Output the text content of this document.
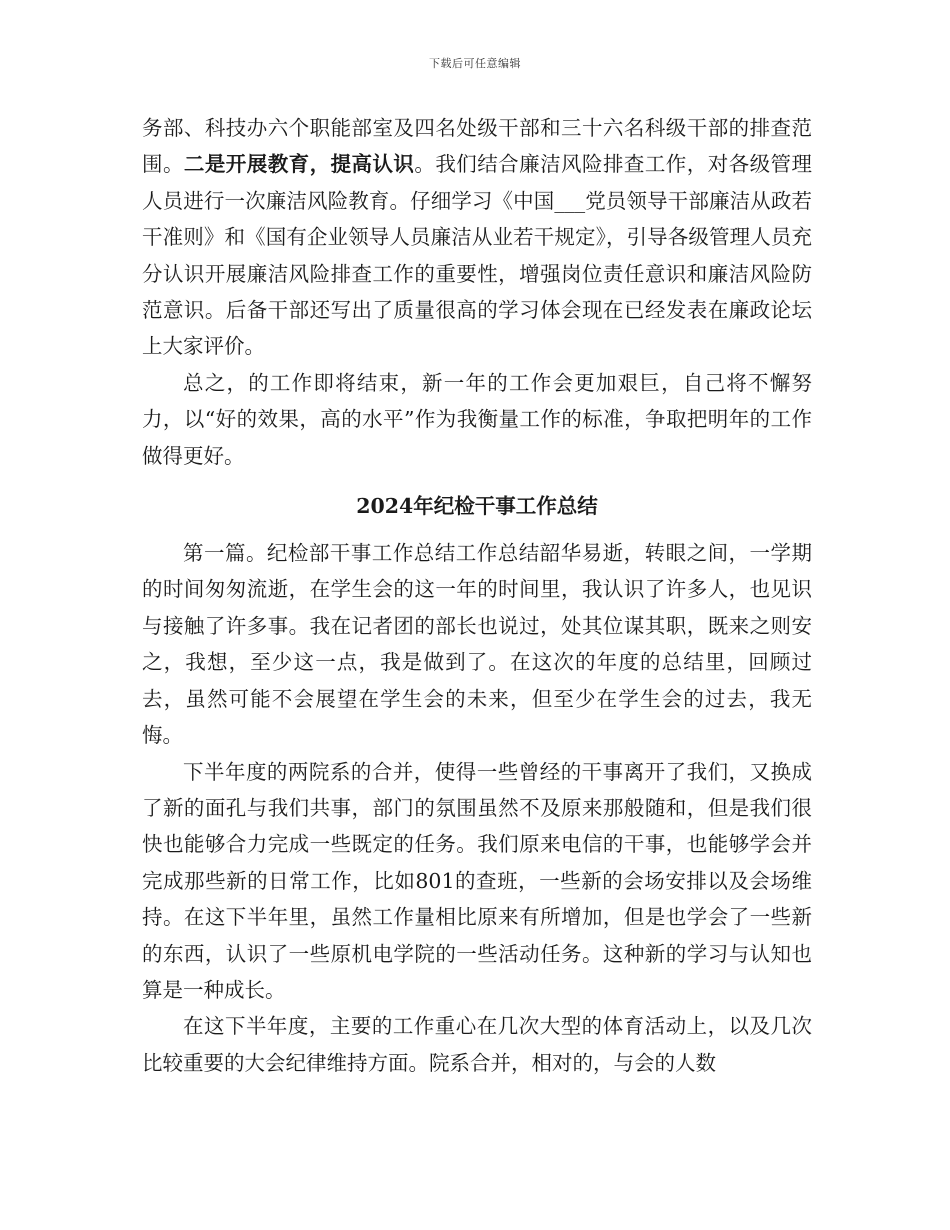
下载后可任意编辑

务部、科技办六个职能部室及四名处级干部和三十六名科级干部的排查范围。二是开展教育，提高认识。我们结合廉洁风险排查工作，对各级管理人员进行一次廉洁风险教育。仔细学习《中国___党员领导干部廉洁从政若干准则》和《国有企业领导人员廉洁从业若干规定》，引导各级管理人员充分认识开展廉洁风险排查工作的重要性，增强岗位责任意识和廉洁风险防范意识。后备干部还写出了质量很高的学习体会现在已经发表在廉政论坛上大家评价。

总之，的工作即将结束，新一年的工作会更加艰巨，自己将不懈努力，以“好的效果，高的水平”作为我衡量工作的标准，争取把明年的工作做得更好。

2024年纪检干事工作总结

第一篇。纪检部干事工作总结工作总结韶华易逝，转眼之间，一学期的时间匆匆流逝，在学生会的这一年的时间里，我认识了许多人，也见识与接触了许多事。我在记者团的部长也说过，处其位谋其职，既来之则安之，我想，至少这一点，我是做到了。在这次的年度的总结里，回顾过去，虽然可能不会展望在学生会的未来，但至少在学生会的过去，我无悔。

下半年度的两院系的合并，使得一些曾经的干事离开了我们，又换成了新的面孔与我们共事，部门的氛围虽然不及原来那般随和，但是我们很快也能够合力完成一些既定的任务。我们原来电信的干事，也能够学会并完成那些新的日常工作，比如801的查班，一些新的会场安排以及会场维持。在这下半年里，虽然工作量相比原来有所增加，但是也学会了一些新的东西，认识了一些原机电学院的一些活动任务。这种新的学习与认知也算是一种成长。

在这下半年度，主要的工作重心在几次大型的体育活动上，以及几次比较重要的大会纪律维持方面。院系合并，相对的，与会的人数
